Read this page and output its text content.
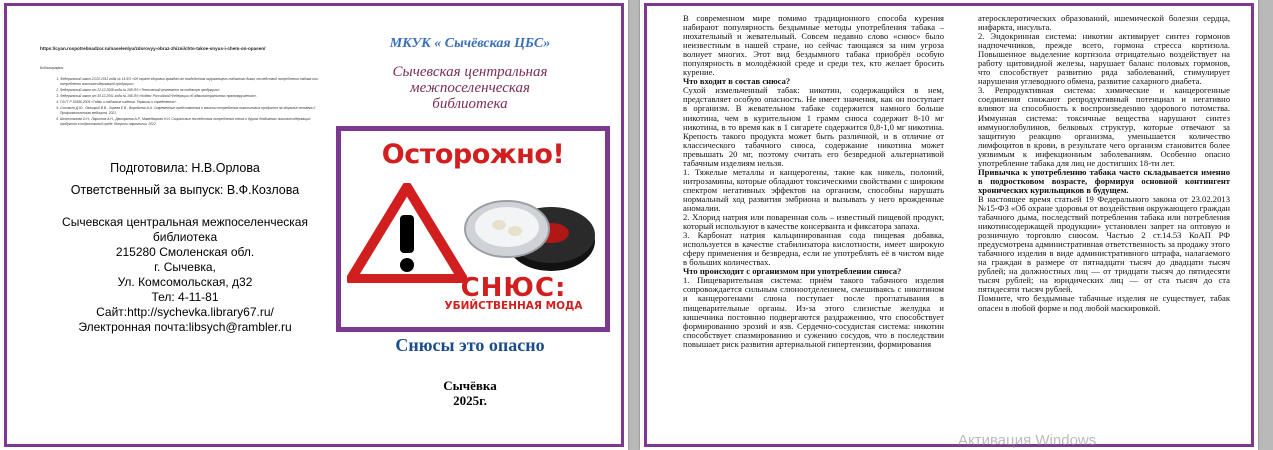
https://cyan.rospotrebnadzor.ru/naselenlyu/zdorovyy-obraz-zhizni/chto-takoe-snyus-i-chem-on-opasen/
Библиография:
1. Федеральный закон 23.02.2013 года № 15-ФЗ «Об охране здоровья граждан от воздействия окружающего табачного дыма, последствий потребления табака или потребления никотинсодержащей продукции».
2. Федеральный закон от 22.12.2008 года № 268-ФЗ «Технический регламент на табачную продукцию».
3. Федеральный закон от 30.12.2001 года № 195-ФЗ «Кодекс Российской Федерации об административных правонарушениях».
4. ГОСТ Р 53485-2009 «Табак и табачные изделия. Термины и определения».
5. Соловьев Д.Ю., Лавицкий В.В., Хорева Е.В., Воробьева А.А. Современные представления о влиянии потребления никотиновых продуктов на здоровье человека // Профилактическая медицина. 2021.
6. Шестопалова О.Н., Ларионов А.Н., Дмитриева А.Р., Мамедзарова Н.И. Социальные последствия потребления снюса и других бездымных никотинсодержащих продуктов в подростковой среде. Вопросы наркологии. 2022.
Подготовила: Н.В.Орлова
Ответственный за выпуск: В.Ф.Козлова
Сычевская центральная межпоселенческая
библиотека
215280 Смоленская обл.
г. Сычевка,
Ул. Комсомольская, д32
Тел: 4-11-81
Сайт:http://sychevka.library67.ru/
Электронная почта:libsych@rambler.ru
МКУК « Сычёвская ЦБС»
Сычевская центральная
межпоселенческая
библиотека
Осторожно!
СНЮС:
УБИЙСТВЕННАЯ МОДА
Снюсы это опасно
Сычёвка
2025г.

В современном мире помимо традиционного способа курения набирают популярность бездымные методы употребления табака – нюхательный и жевательный. Совсем недавно слово «снюс» было неизвестным в нашей стране, но сейчас тающаяся за ним угроза волнует многих. Этот вид бездымного табака приобрёл особую популярность в молодёжной среде и среди тех, кто желает бросить курение.

Что входит в состав снюса?

Сухой измельченный табак: никотин, содержащийся в нем, представляет особую опасность. Не имеет значения, как он поступает в организм. В жевательном табаке содержится намного больше никотина, чем в курительном 1 грамм снюса содержит 8-10 мг никотина, в то время как в 1 сигарете содержится 0,8-1,0 мг никотина. Крепость такого продукта может быть различной, и в отличие от классического табачного снюса, содержание никотина может превышать 20 мг, поэтому считать его безвредной альтернативой табачным изделиям нельзя.

1. Тяжелые металлы и канцерогены, такие как никель, полоний, нитрозамины, которые обладают токсическими свойствами с широким спектром негативных эффектов на организм, способны нарушать нормальный ход развития эмбриона и вызывать у него врожденные аномалии.

2. Хлорид натрия или поваренная соль – известный пищевой продукт, который используют в качестве консерванта и фиксатора запаха.

3. Карбонат натрия кальцинированная сода пищевая добавка, используется в качестве стабилизатора кислотности, имеет широкую сферу применения и безвредна, если не употреблять её в чистом виде в больших количествах.

Что происходит с организмом при употреблении снюса?

1. Пищеварительная система: приём такого табачного изделия сопровождается сильным слюноотделением, смешиваясь с никотином и канцерогенами слюна поступает после проглатывания в пищеварительные органы. Из-за этого слизистые желудка и кишечника постоянно подвергаются раздражению, что способствует формированию эрозий и язв. Сердечно-сосудистая система: никотин способствует спазмированию и сужению сосудов, что в последствии повышает риск развития артериальной гипертензии, формирования

атеросклеротических образований, ишемической болезни сердца, инфаркта, инсульта.

2. Эндокринная система: никотин активирует синтез гормонов надпочечников, прежде всего, гормона стресса кортизола. Повышенное выделение кортизола отрицательно воздействует на работу щитовидной железы, нарушает баланс половых гормонов, что способствует развитию ряда заболеваний, стимулирует нарушения углеводного обмена, развитие сахарного диабета.

3. Репродуктивная система: химические и канцерогенные соединения снижают репродуктивный потенциал и негативно влияют на способность к воспроизведению здорового потомства. Иммунная система: токсичные вещества нарушают синтез иммуноглобулинов, белковых структур, которые отвечают за защитную реакцию организма, уменьшается количество лимфоцитов в крови, в результате чего организм становится более уязвимым к инфекционным заболеваниям. Особенно опасно употребление табака для лиц не достигших 18-ти лет.

Привычка к употреблению табака часто складывается именно в подростковом возрасте, формируя основной контингент хронических курильщиков в будущем.

В настоящее время статьей 19 Федерального закона от 23.02.2013 №15-ФЗ «Об охране здоровья от воздействия окружающего граждан табачного дыма, последствий потребления табака или потребления никотинсодержащей продукции» установлен запрет на оптовую и розничную торговлю снюсом. Частью 2 ст.14.53 КоАП РФ предусмотрена административная ответственность за продажу этого табачного изделия в виде административного штрафа, налагаемого на граждан в размере от пятнадцати тысяч до двадцати тысяч рублей; на должностных лиц — от тридцати тысяч до пятидесяти тысяч рублей; на юридических лиц — от ста тысяч до ста пятидесяти тысяч рублей.

Помните, что бездымные табачные изделия не существует, табак опасен в любой форме и под любой маскировкой.

Активация Windows
